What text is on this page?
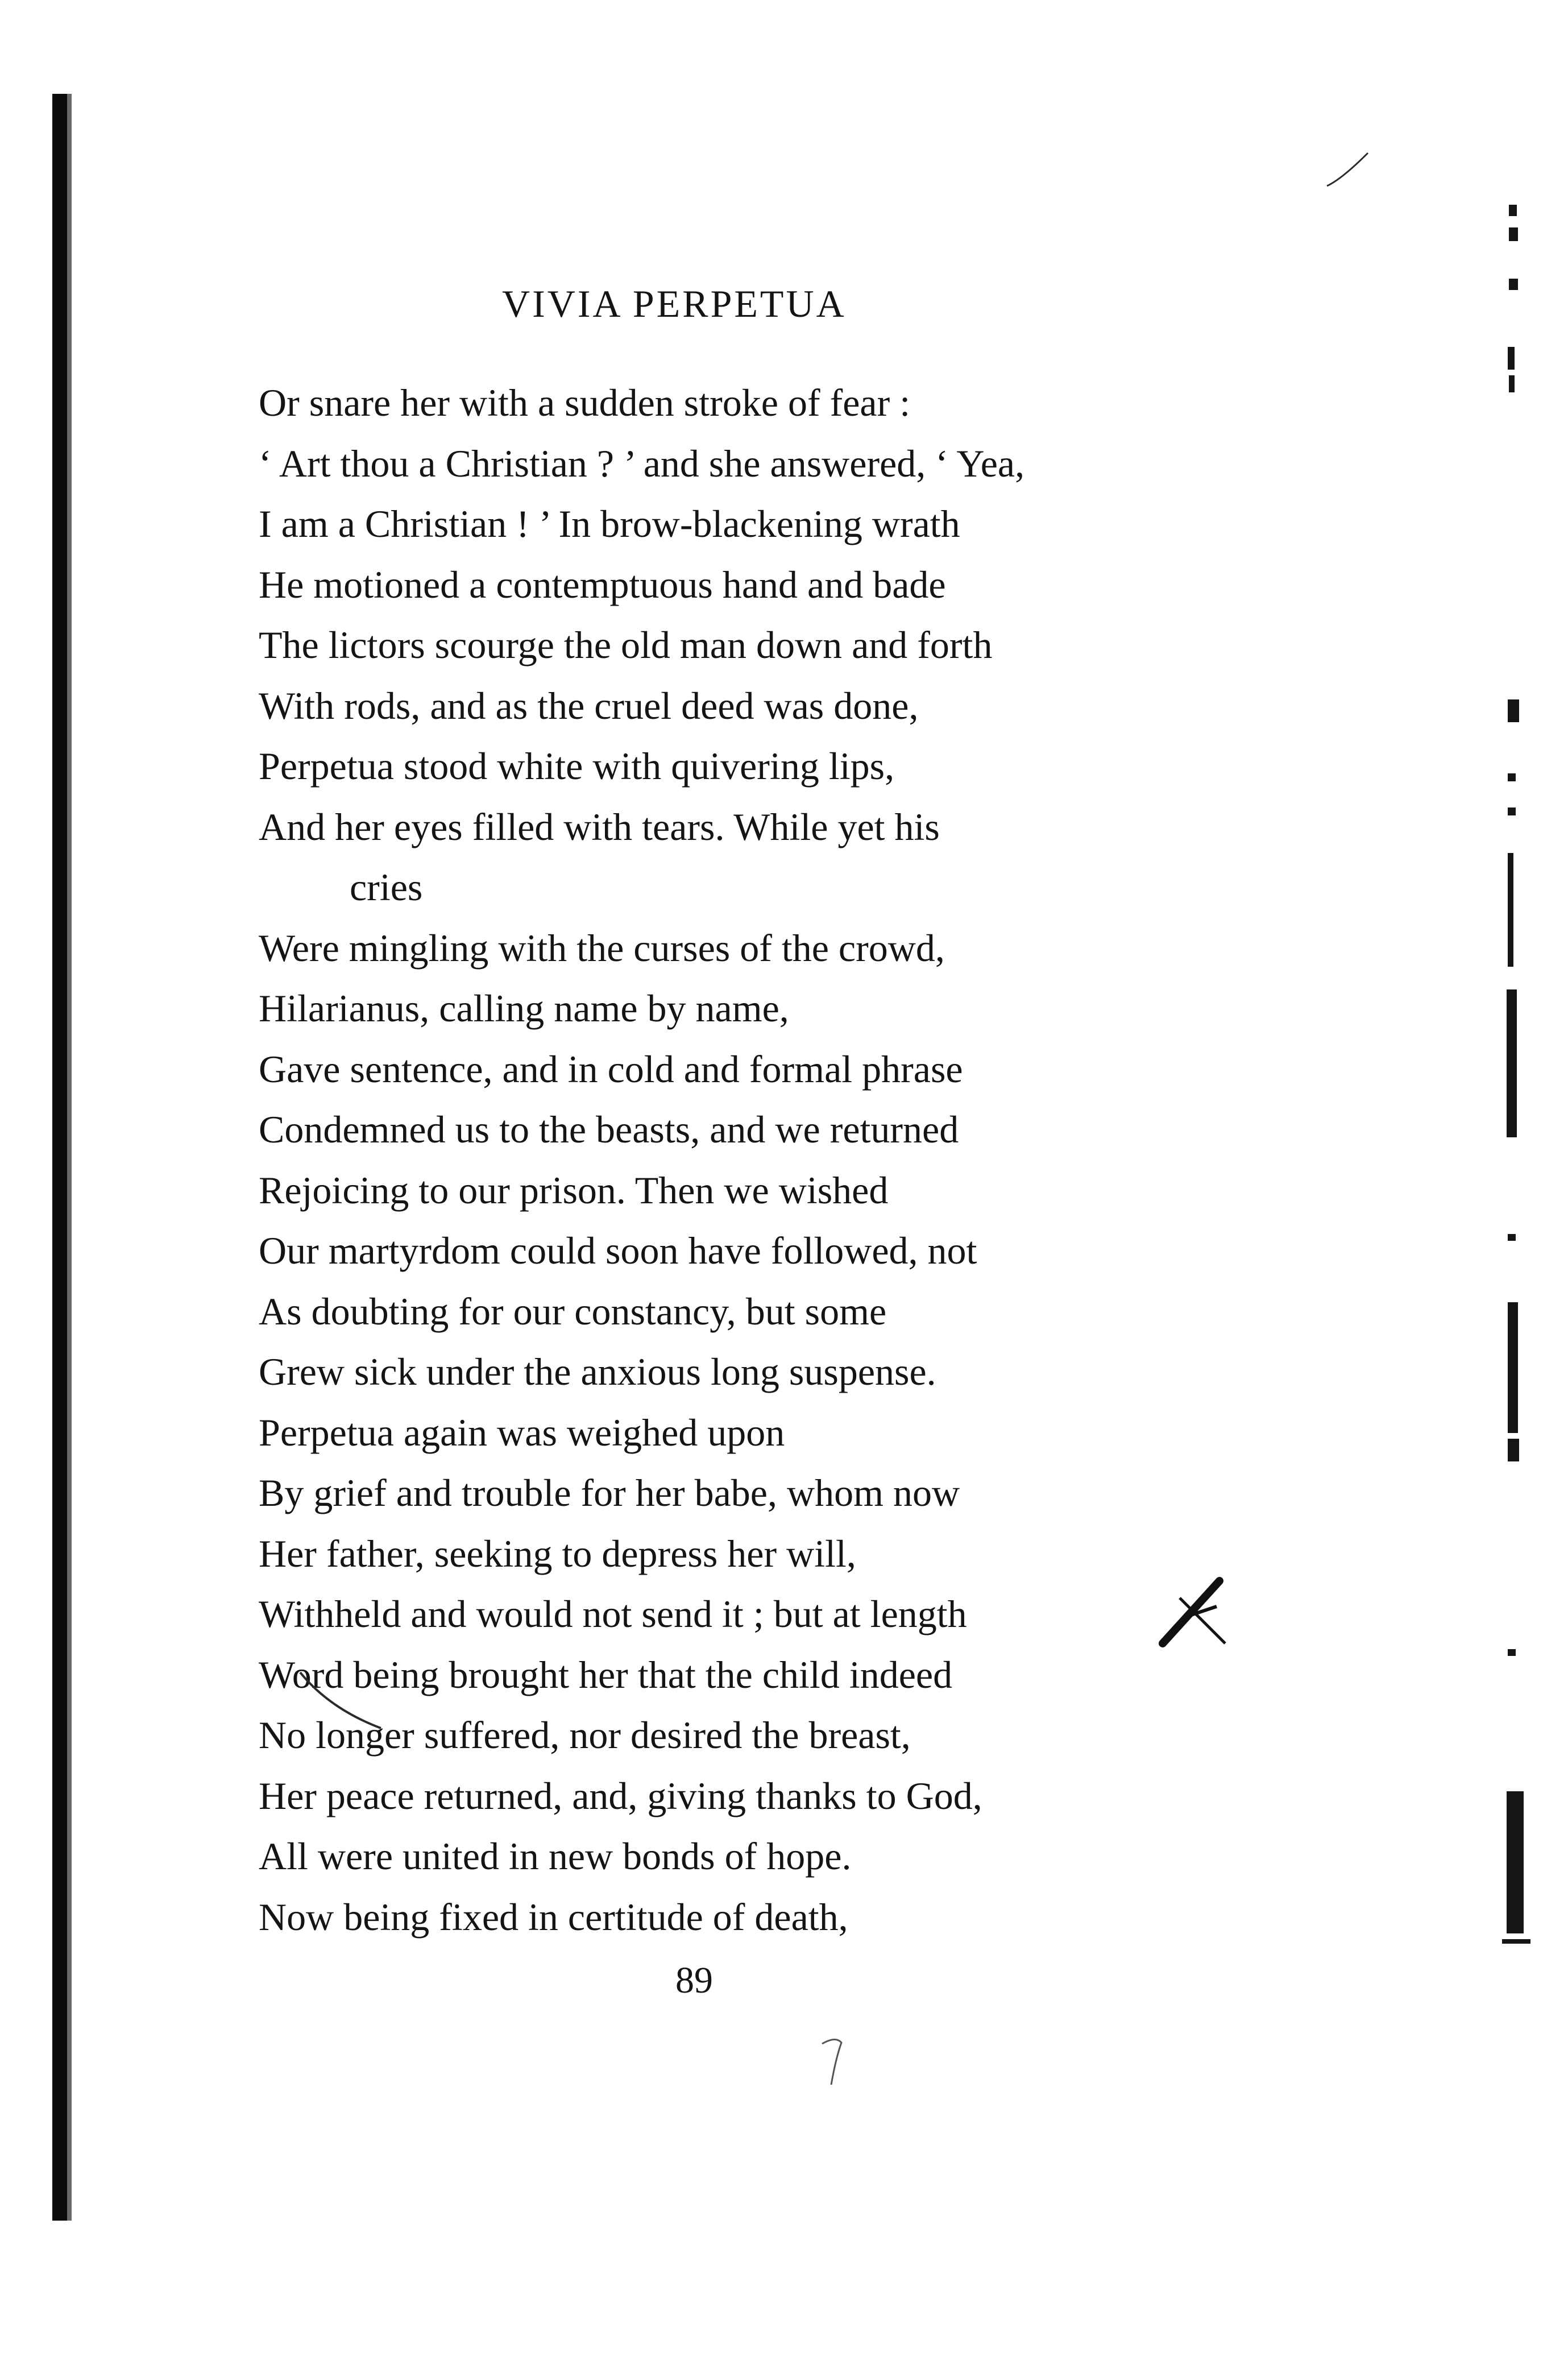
VIVIA PERPETUA
Or snare her with a sudden stroke of fear :
‘ Art thou a Christian ? ’ and she answered, ‘ Yea,
I am a Christian ! ’ In brow-blackening wrath
He motioned a contemptuous hand and bade
The lictors scourge the old man down and forth
With rods, and as the cruel deed was done,
Perpetua stood white with quivering lips,
And her eyes filled with tears. While yet his
cries
Were mingling with the curses of the crowd,
Hilarianus, calling name by name,
Gave sentence, and in cold and formal phrase
Condemned us to the beasts, and we returned
Rejoicing to our prison. Then we wished
Our martyrdom could soon have followed, not
As doubting for our constancy, but some
Grew sick under the anxious long suspense.
Perpetua again was weighed upon
By grief and trouble for her babe, whom now
Her father, seeking to depress her will,
Withheld and would not send it ; but at length
Word being brought her that the child indeed
No longer suffered, nor desired the breast,
Her peace returned, and, giving thanks to God,
All were united in new bonds of hope.
Now being fixed in certitude of death,
89
